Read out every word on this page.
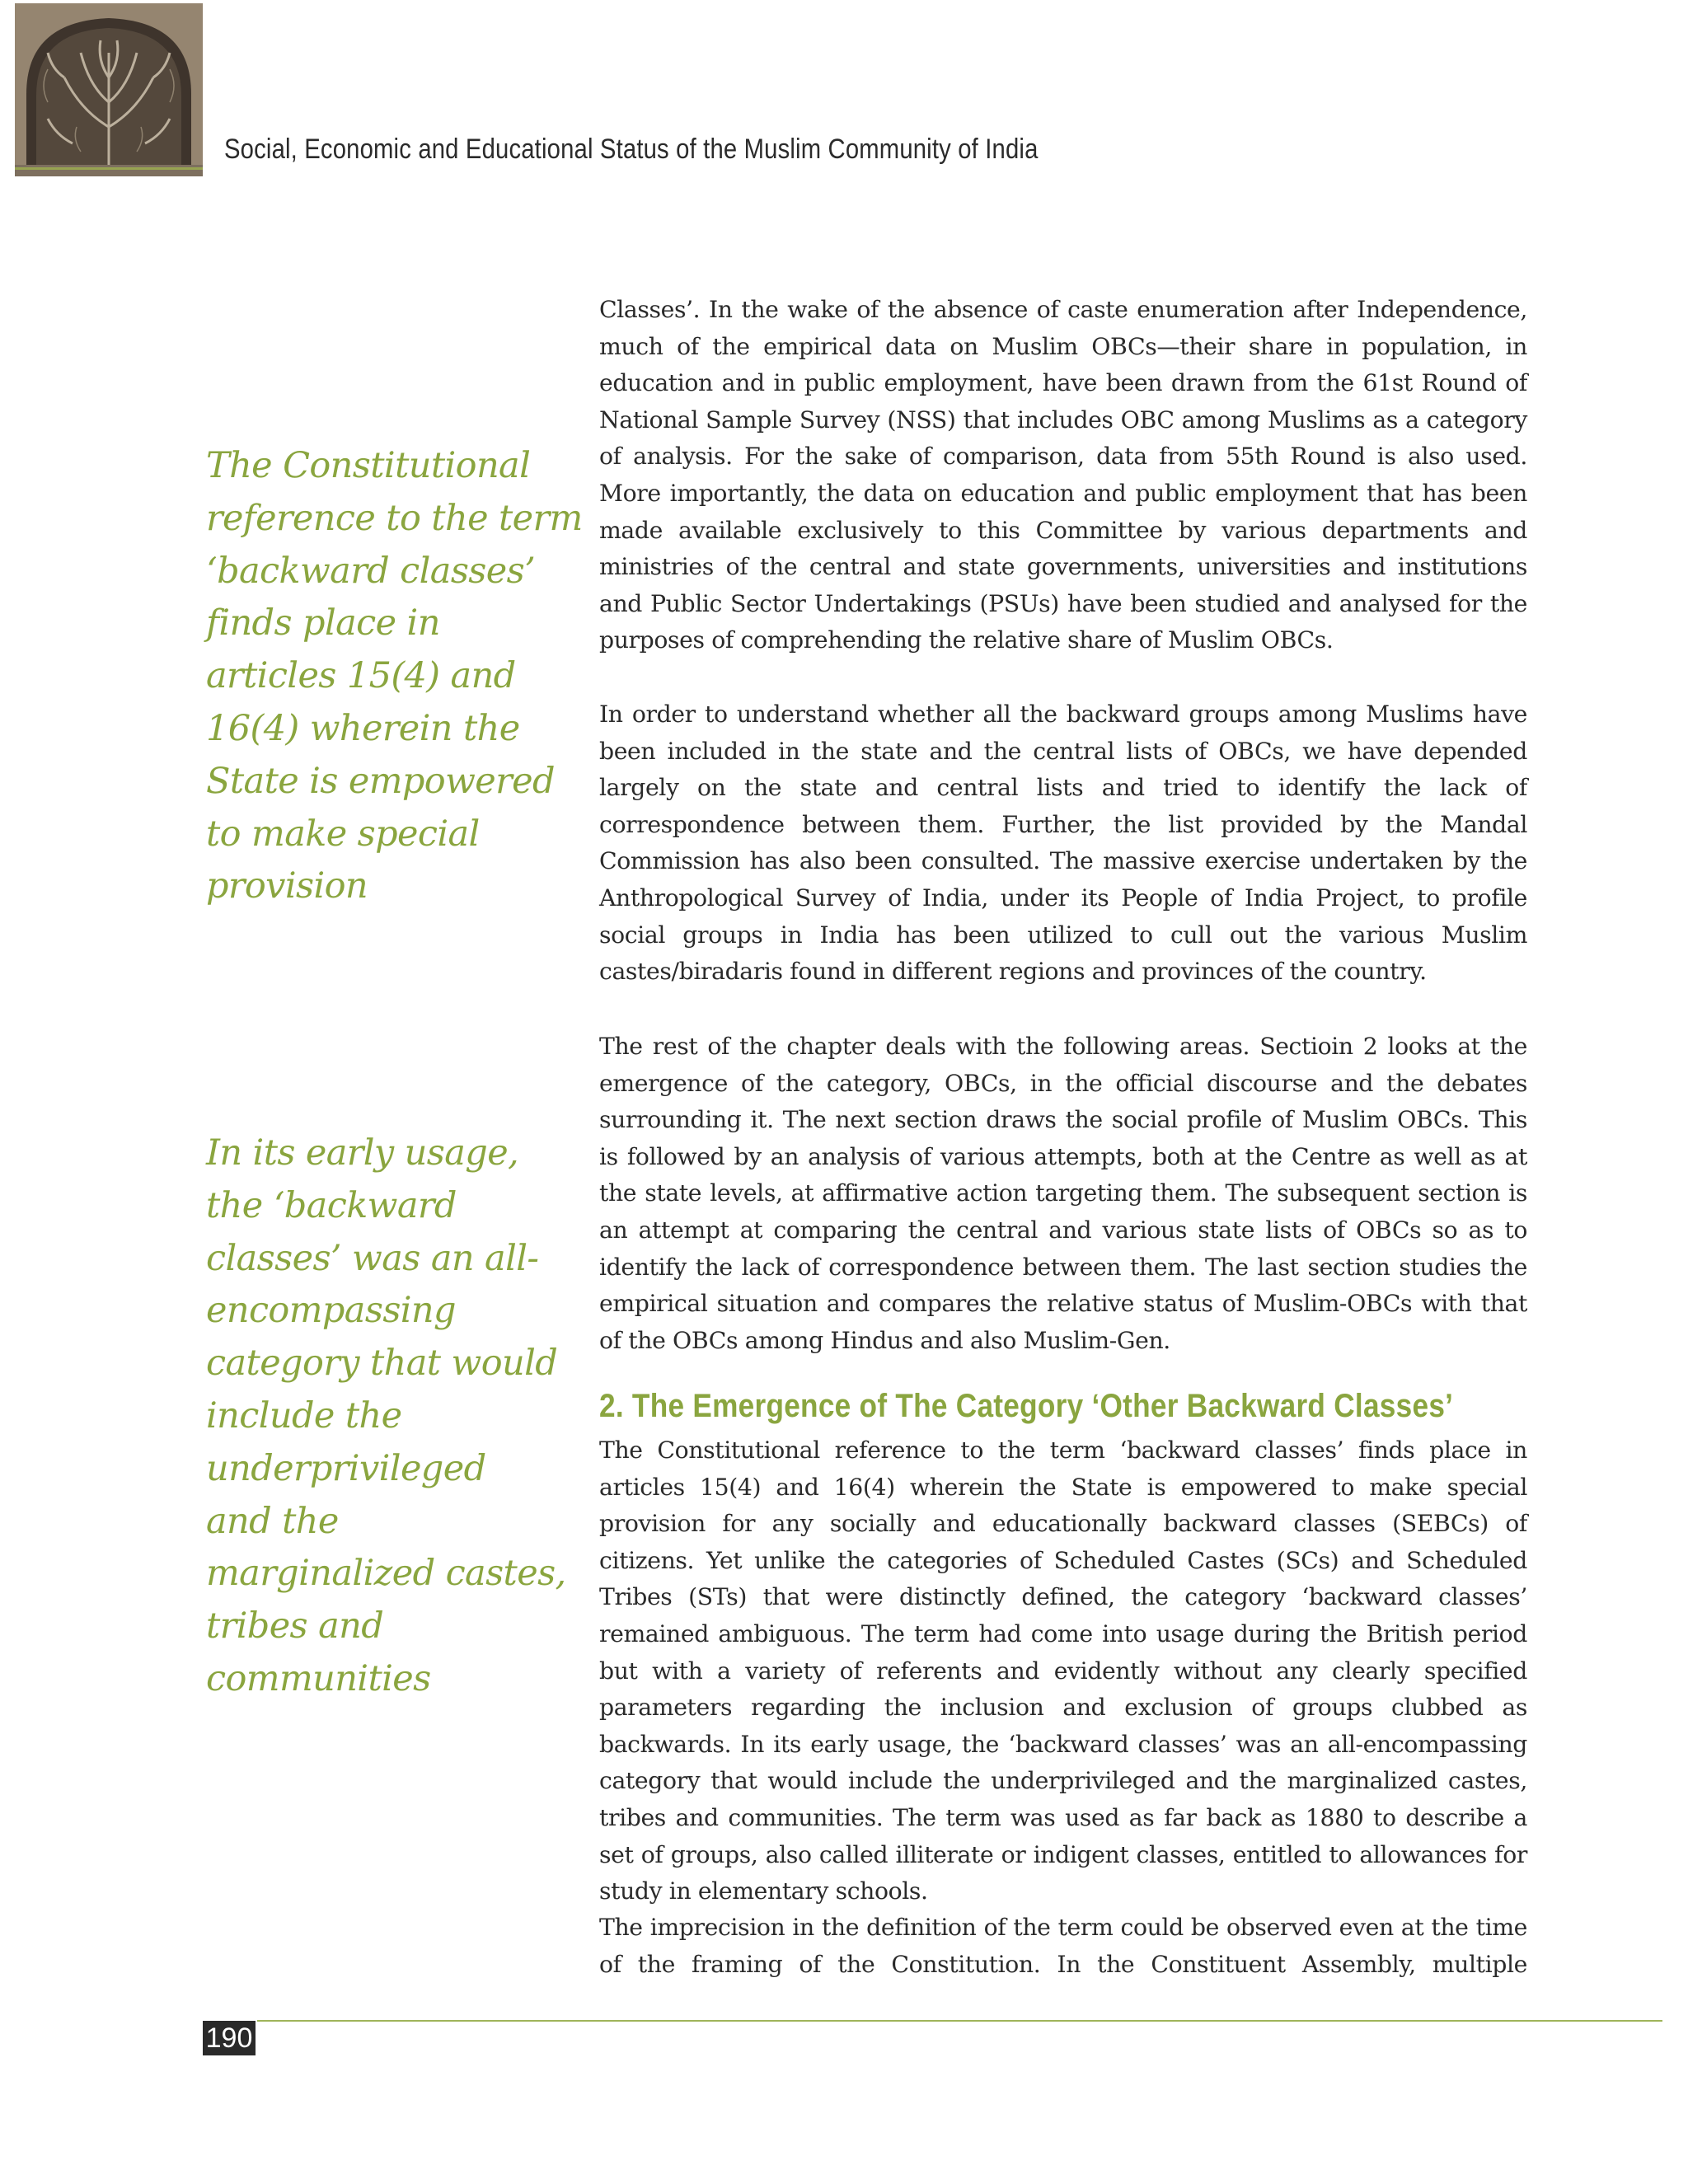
Social, Economic and Educational Status of the Muslim Community of India
The Constitutional
reference to the term
‘backward classes’
finds place in
articles 15(4) and
16(4) wherein the
State is empowered
to make special
provision
In its early usage,
the ‘backward
classes’ was an all-
encompassing
category that would
include the
underprivileged
and the
marginalized castes,
tribes and
communities

Classes’. In the wake of the absence of caste enumeration after Independence, much of the empirical data on Muslim OBCs—their share in population, in education and in public employment, have been drawn from the 61st Round of National Sample Survey (NSS) that includes OBC among Muslims as a category of analysis. For the sake of comparison, data from 55th Round is also used. More importantly, the data on education and public employment that has been made available exclusively to this Committee by various departments and ministries of the central and state governments, universities and institutions and Public Sector Undertakings (PSUs) have been studied and analysed for the purposes of comprehending the relative share of Muslim OBCs.

In order to understand whether all the backward groups among Muslims have been included in the state and the central lists of OBCs, we have depended largely on the state and central lists and tried to identify the lack of correspondence between them. Further, the list provided by the Mandal Commission has also been consulted. The massive exercise undertaken by the Anthropological Survey of India, under its People of India Project, to profile social groups in India has been utilized to cull out the various Muslim castes/biradaris found in different regions and provinces of the country.

The rest of the chapter deals with the following areas. Sectioin 2 looks at the emergence of the category, OBCs, in the official discourse and the debates surrounding it. The next section draws the social profile of Muslim OBCs. This is followed by an analysis of various attempts, both at the Centre as well as at the state levels, at affirmative action targeting them. The subsequent section is an attempt at comparing the central and various state lists of OBCs so as to identify the lack of correspondence between them. The last section studies the empirical situation and compares the relative status of Muslim-OBCs with that of the OBCs among Hindus and also Muslim-Gen.

2. The Emergence of The Category ‘Other Backward Classes’

The Constitutional reference to the term ‘backward classes’ finds place in articles 15(4) and 16(4) wherein the State is empowered to make special provision for any socially and educationally backward classes (SEBCs) of citizens. Yet unlike the categories of Scheduled Castes (SCs) and Scheduled Tribes (STs) that were distinctly defined, the category ‘backward classes’ remained ambiguous. The term had come into usage during the British period but with a variety of referents and evidently without any clearly specified parameters regarding the inclusion and exclusion of groups clubbed as backwards. In its early usage, the ‘backward classes’ was an all-encompassing category that would include the underprivileged and the marginalized castes, tribes and communities. The term was used as far back as 1880 to describe a set of groups, also called illiterate or indigent classes, entitled to allowances for study in elementary schools.

The imprecision in the definition of the term could be observed even at the time of the framing of the Constitution. In the Constituent Assembly, multiple

190
